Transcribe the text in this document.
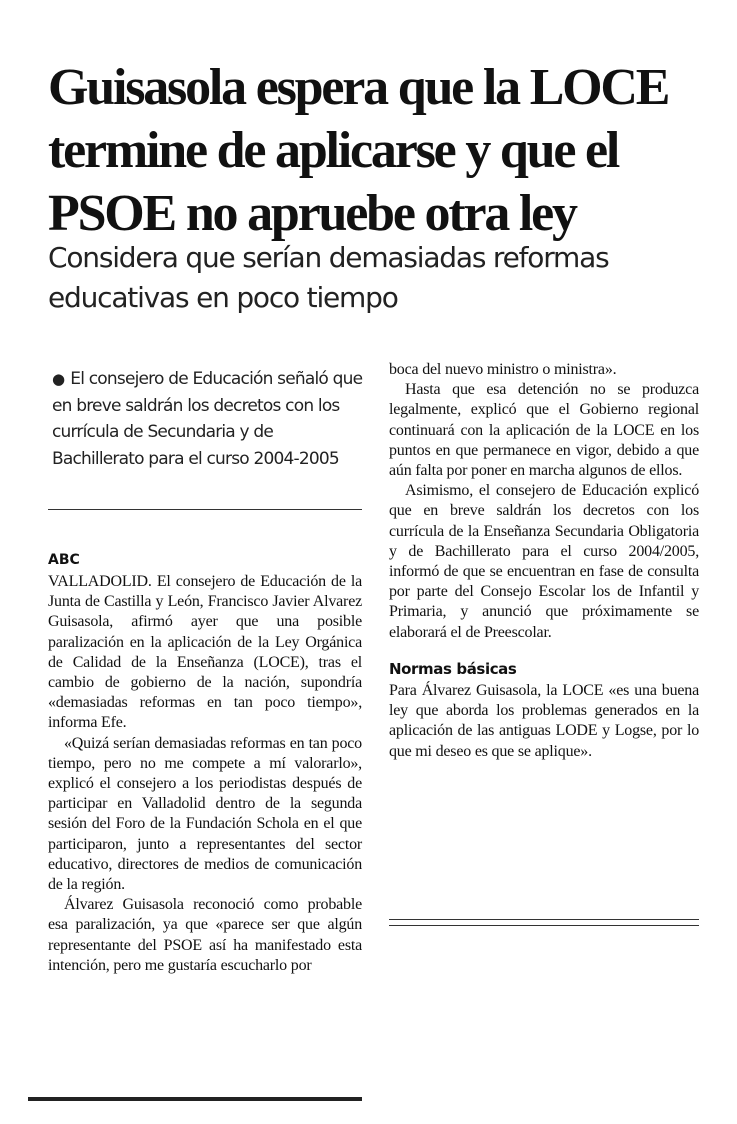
Guisasola espera que la LOCE
termine de aplicarse y que el
PSOE no apruebe otra ley
Considera que serían demasiadas reformas
educativas en poco tiempo
● El consejero de Educación señaló que en breve saldrán los decretos con los currícula de Secundaria y de Bachillerato para el curso 2004-2005
ABC

VALLADOLID. El consejero de Educación de la Junta de Castilla y León, Francisco Javier Alvarez Guisasola, afirmó ayer que una posible paralización en la aplicación de la Ley Orgánica de Calidad de la Enseñanza (LOCE), tras el cambio de gobierno de la nación, supondría «demasiadas reformas en tan poco tiempo», informa Efe.

«Quizá serían demasiadas reformas en tan poco tiempo, pero no me compete a mí valorarlo», explicó el consejero a los periodistas después de participar en Valladolid dentro de la segunda sesión del Foro de la Fundación Schola en el que participaron, junto a representantes del sector educativo, directores de medios de comunicación de la región.

Álvarez Guisasola reconoció como probable esa paralización, ya que «parece ser que algún representante del PSOE así ha manifestado esta intención, pero me gustaría escucharlo por

boca del nuevo ministro o ministra».

Hasta que esa detención no se produzca legalmente, explicó que el Gobierno regional continuará con la aplicación de la LOCE en los puntos en que permanece en vigor, debido a que aún falta por poner en marcha algunos de ellos.

Asimismo, el consejero de Educación explicó que en breve saldrán los decretos con los currícula de la Enseñanza Secundaria Obligatoria y de Bachillerato para el curso 2004/2005, informó de que se encuentran en fase de consulta por parte del Consejo Escolar los de Infantil y Primaria, y anunció que próximamente se elaborará el de Preescolar.

Normas básicas

Para Álvarez Guisasola, la LOCE «es una buena ley que aborda los problemas generados en la aplicación de las antiguas LODE y Logse, por lo que mi deseo es que se aplique».
